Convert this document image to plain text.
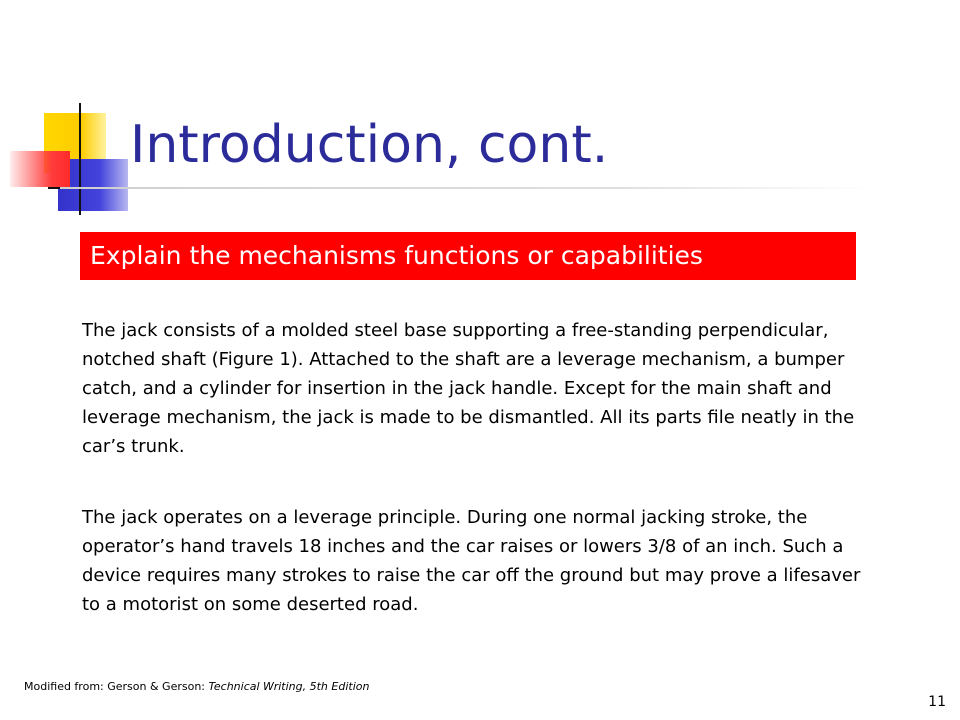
Introduction, cont.
Explain the mechanisms functions or capabilities

The jack consists of a molded steel base supporting a free-standing perpendicular, notched shaft (Figure 1). Attached to the shaft are a leverage mechanism, a bumper catch, and a cylinder for insertion in the jack handle. Except for the main shaft and leverage mechanism, the jack is made to be dismantled. All its parts file neatly in the car’s trunk.

The jack operates on a leverage principle. During one normal jacking stroke, the operator’s hand travels 18 inches and the car raises or lowers 3/8 of an inch. Such a device requires many strokes to raise the car off the ground but may prove a lifesaver to a motorist on some deserted road.

Modified from: Gerson & Gerson: Technical Writing, 5th Edition
11
